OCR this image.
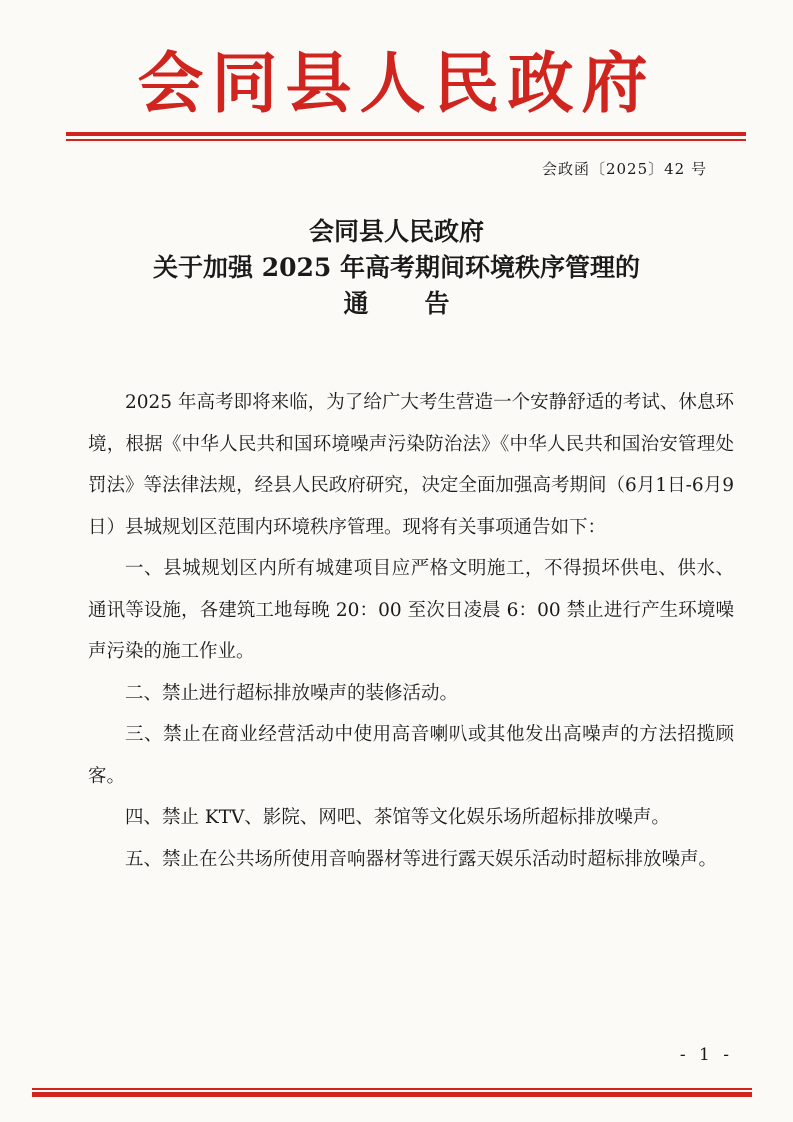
会同县人民政府
会政函〔2025〕42 号
会同县人民政府
关于加强 2025 年高考期间环境秩序管理的
通告

2025 年高考即将来临，为了给广大考生营造一个安静舒适的考试、休息环境，根据《中华人民共和国环境噪声污染防治法》《中华人民共和国治安管理处罚法》等法律法规，经县人民政府研究，决定全面加强高考期间（6月1日-6月9日）县城规划区范围内环境秩序管理。现将有关事项通告如下：

一、县城规划区内所有城建项目应严格文明施工，不得损坏供电、供水、通讯等设施，各建筑工地每晚 20：00 至次日凌晨 6：00 禁止进行产生环境噪声污染的施工作业。

二、禁止进行超标排放噪声的装修活动。

三、禁止在商业经营活动中使用高音喇叭或其他发出高噪声的方法招揽顾客。

四、禁止 KTV、影院、网吧、茶馆等文化娱乐场所超标排放噪声。

五、禁止在公共场所使用音响器材等进行露天娱乐活动时超标排放噪声。

- 1 -
